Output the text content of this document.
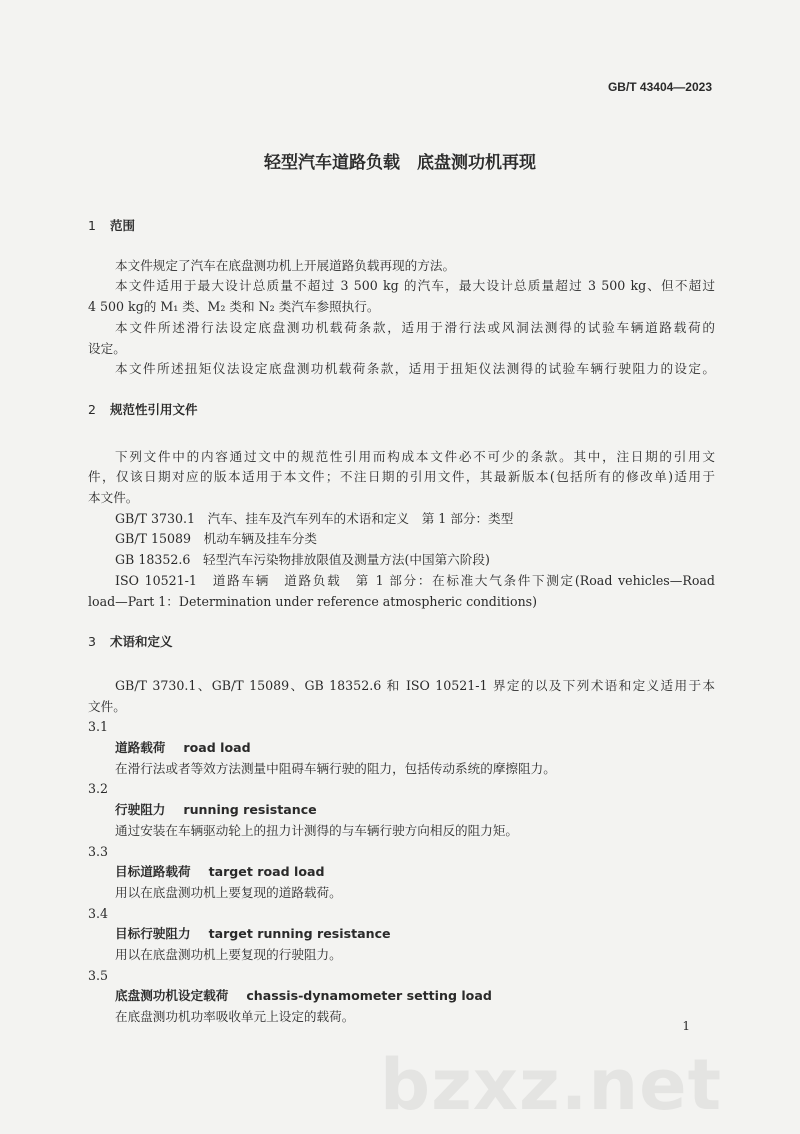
GB/T 43404—2023
轻型汽车道路负载　底盘测功机再现
1 范围
本文件规定了汽车在底盘测功机上开展道路负载再现的方法。
本文件适用于最大设计总质量不超过 3 500 kg 的汽车，最大设计总质量超过 3 500 kg、但不超过
4 500 kg的 M₁ 类、M₂ 类和 N₂ 类汽车参照执行。
本文件所述滑行法设定底盘测功机载荷条款，适用于滑行法或风洞法测得的试验车辆道路载荷的
设定。
本文件所述扭矩仪法设定底盘测功机载荷条款，适用于扭矩仪法测得的试验车辆行驶阻力的设定。
2 规范性引用文件
下列文件中的内容通过文中的规范性引用而构成本文件必不可少的条款。其中，注日期的引用文
件，仅该日期对应的版本适用于本文件；不注日期的引用文件，其最新版本(包括所有的修改单)适用于
本文件。
GB/T 3730.1　汽车、挂车及汽车列车的术语和定义　第 1 部分：类型
GB/T 15089　机动车辆及挂车分类
GB 18352.6　轻型汽车污染物排放限值及测量方法(中国第六阶段)
ISO 10521-1　道路车辆　道路负载　第 1 部分：在标准大气条件下测定(Road vehicles—Road
load—Part 1：Determination under reference atmospheric conditions)
3 术语和定义
GB/T 3730.1、GB/T 15089、GB 18352.6 和 ISO 10521-1 界定的以及下列术语和定义适用于本
文件。
3.1
道路载荷 road load
在滑行法或者等效方法测量中阻碍车辆行驶的阻力，包括传动系统的摩擦阻力。
3.2
行驶阻力 running resistance
通过安装在车辆驱动轮上的扭力计测得的与车辆行驶方向相反的阻力矩。
3.3
目标道路载荷 target road load
用以在底盘测功机上要复现的道路载荷。
3.4
目标行驶阻力 target running resistance
用以在底盘测功机上要复现的行驶阻力。
3.5
底盘测功机设定载荷 chassis-dynamometer setting load
在底盘测功机功率吸收单元上设定的载荷。
1
bzxz.net
